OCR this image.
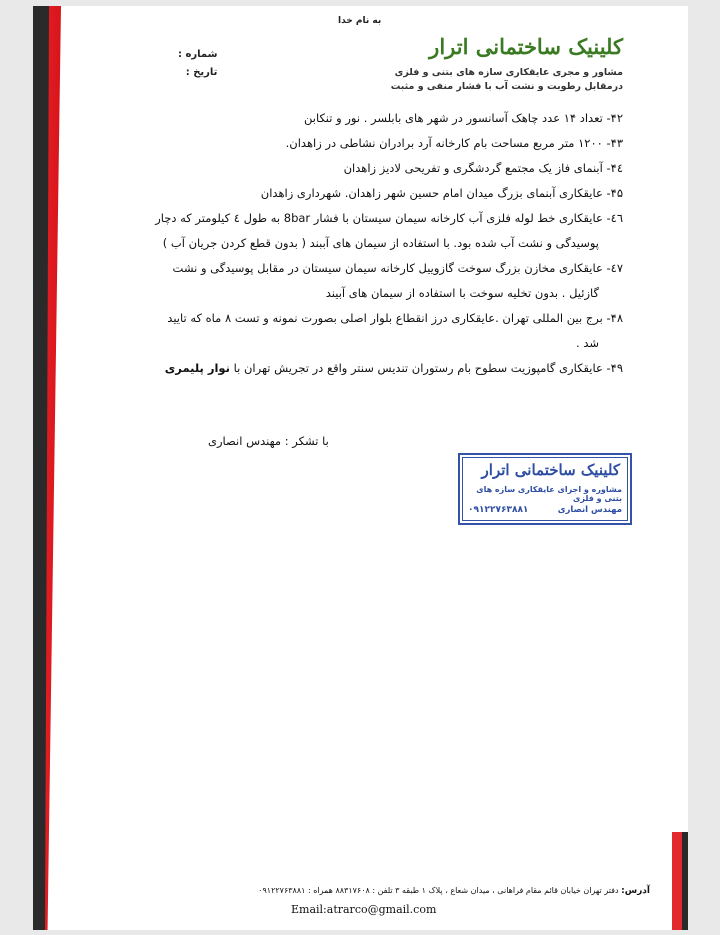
به نام خدا
کلینیک ساختمانی اترار
مشاور و مجری عایقکاری سازه های بتنی و فلزی
درمقابل رطوبت و نشت آب با فشار منفی و مثبت
شماره :
تاریخ :
۴۲- تعداد ۱۴ عدد چاهک آسانسور در شهر های بابلسر . نور و تنکابن
۴۳- ۱۲۰۰ متر مربع مساحت بام کارخانه آرد برادران نشاطی در زاهدان.
۴٤- آبنمای فاز یک مجتمع گردشگری و تفریحی لادیز زاهدان
۴۵- عایقکاری آبنمای بزرگ میدان امام حسین شهر زاهدان. شهرداری زاهدان
٤٦- عایقکاری خط لوله فلزی آب کارخانه سیمان سیستان با فشار 8bar به طول ٤ کیلومتر که دچار
پوسیدگی و نشت آب شده بود. با استفاده از سیمان های آببند ( بدون قطع کردن جریان آب )
٤٧- عایقکاری مخازن بزرگ سوخت گازوییل کارخانه سیمان سیستان در مقابل پوسیدگی و نشت
گازئیل . بدون تخلیه سوخت با استفاده از سیمان های آبیند
۴۸- برج بین المللی تهران .عایقکاری درز انقطاع بلوار اصلی بصورت نمونه و تست ۸ ماه که تایید
شد .
۴۹- عایقکاری گامپوزیت سطوح بام رستوران تندیس سنتر واقع در تجریش تهران با نوار پلیمری
با تشکر : مهندس انصاری
کلینیک ساختمانی اترار
مشاوره و اجرای عایقکاری سازه های بتنی و فلزی
مهندس انصاری
۰۹۱۲۲۷۶۳۸۸۱
آدرس: دفتر تهران خیابان قائم مقام فراهانی ، میدان شعاع ، پلاک ۱ طبقه ۳ تلفن : ۸۸۳۱۷۶۰۸ همراه : ۰۹۱۲۲۷۶۳۸۸۱
Email:atrarco@gmail.com
